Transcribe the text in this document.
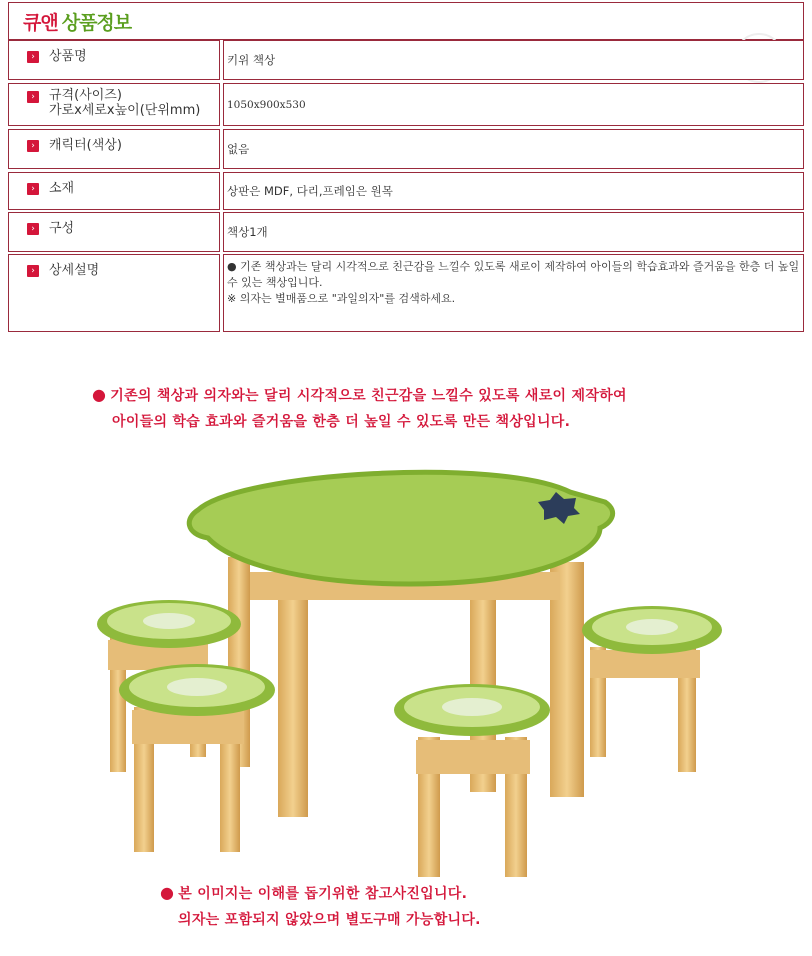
큐앤 상품정보
›	상품명	키위 책상
›	규격(사이즈)
가로x세로x높이(단위mm)	1050x900x530
›	캐릭터(색상)	없음
›	소재	상판은 MDF, 다리,프레임은 원목
›	구성	책상1개
›	상세설명	● 기존 책상과는 달리 시각적으로 친근감을 느낄수 있도록 새로이 제작하여 아이들의 학습효과와 즐거움을 한층 더 높일 수 있는 책상입니다.
※ 의자는 별매품으로 "과일의자"를 검색하세요.
● 기존의 책상과 의자와는 달리 시각적으로 친근감을 느낄수 있도록 새로이 제작하여
아이들의 학습 효과와 즐거움을 한층 더 높일 수 있도록 만든 책상입니다.
● 본 이미지는 이해를 돕기위한 참고사진입니다.
의자는 포함되지 않았으며 별도구매 가능합니다.
